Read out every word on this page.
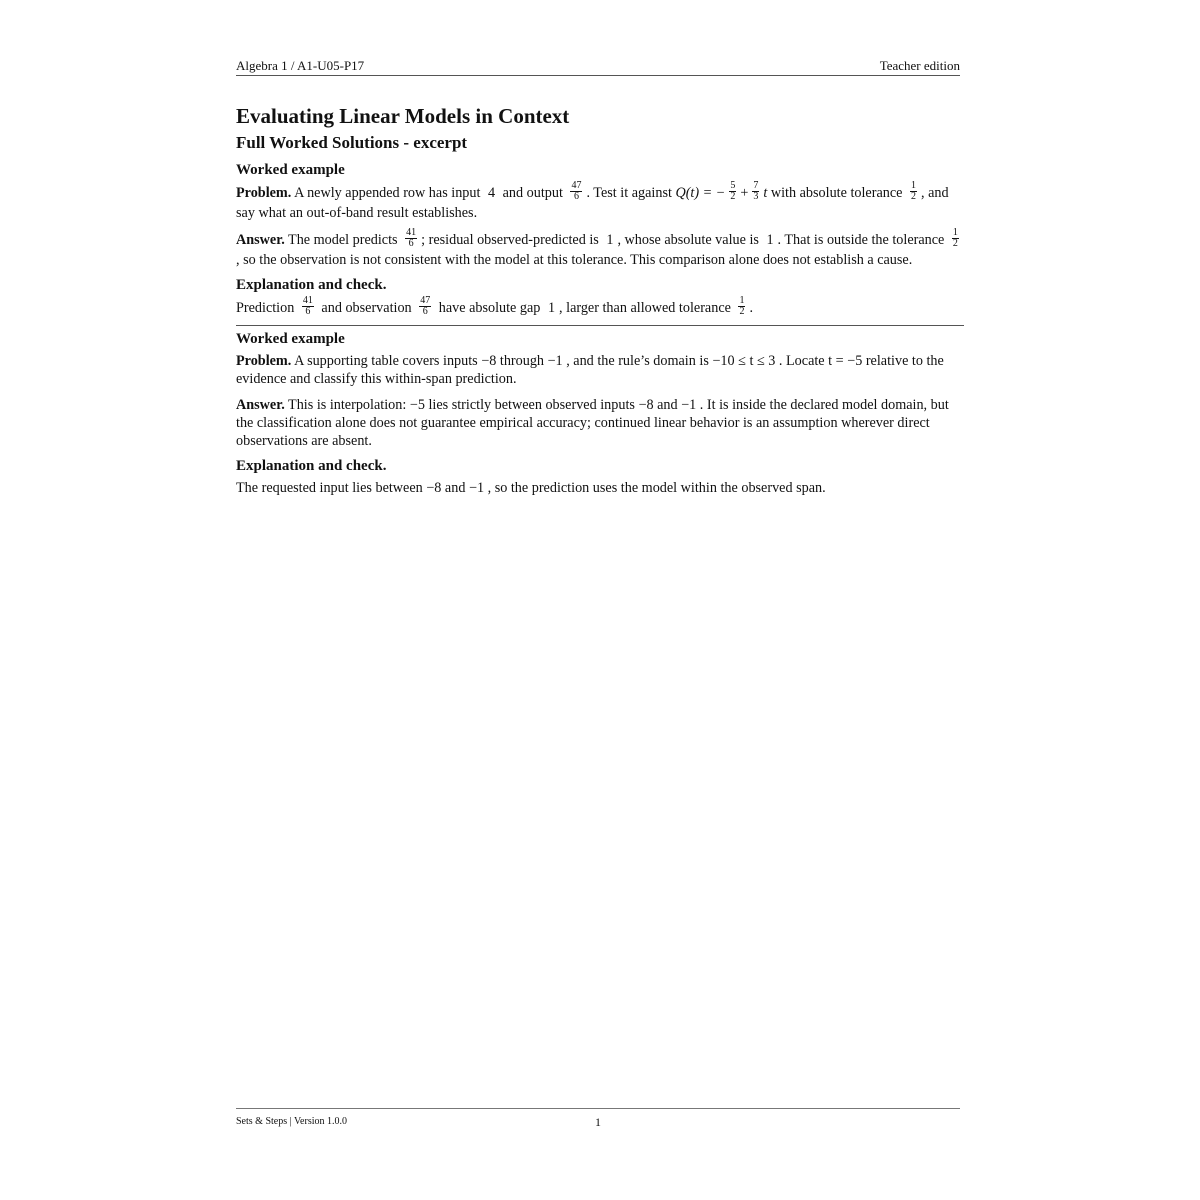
Algebra 1 / A1-U05-P17	Teacher edition
Evaluating Linear Models in Context
Full Worked Solutions - excerpt
Worked example

Problem. A newly appended row has input 4 and output $\frac{47}{6}$ . Test it against Q(t) = − $\frac{5}{2} + \frac{7}{3}$ t with absolute tolerance $\frac{1}{2}$ , and say what an out-of-band result establishes.

Answer. The model predicts $\frac{41}{6}$ ; residual observed-predicted is 1 , whose absolute value is 1 . That is outside the tolerance $\frac{1}{2}$
, so the observation is not consistent with the model at this tolerance. This comparison alone does not establish a cause.

Explanation and check.

Prediction $\frac{41}{6}$ and observation $\frac{47}{6}$ have absolute gap 1 , larger than allowed tolerance $\frac{1}{2}$ .

Worked example

Problem. A supporting table covers inputs −8 through −1 , and the rule’s domain is −10 ≤ t ≤ 3 . Locate t = −5 relative to the evidence and classify this within-span prediction.

Answer. This is interpolation: −5 lies strictly between observed inputs −8 and −1 . It is inside the declared model domain, but the classification alone does not guarantee empirical accuracy; continued linear behavior is an assumption wherever direct observations are absent.

Explanation and check.

The requested input lies between −8 and −1 , so the prediction uses the model within the observed span.

Sets & Steps | Version 1.0.0	1
